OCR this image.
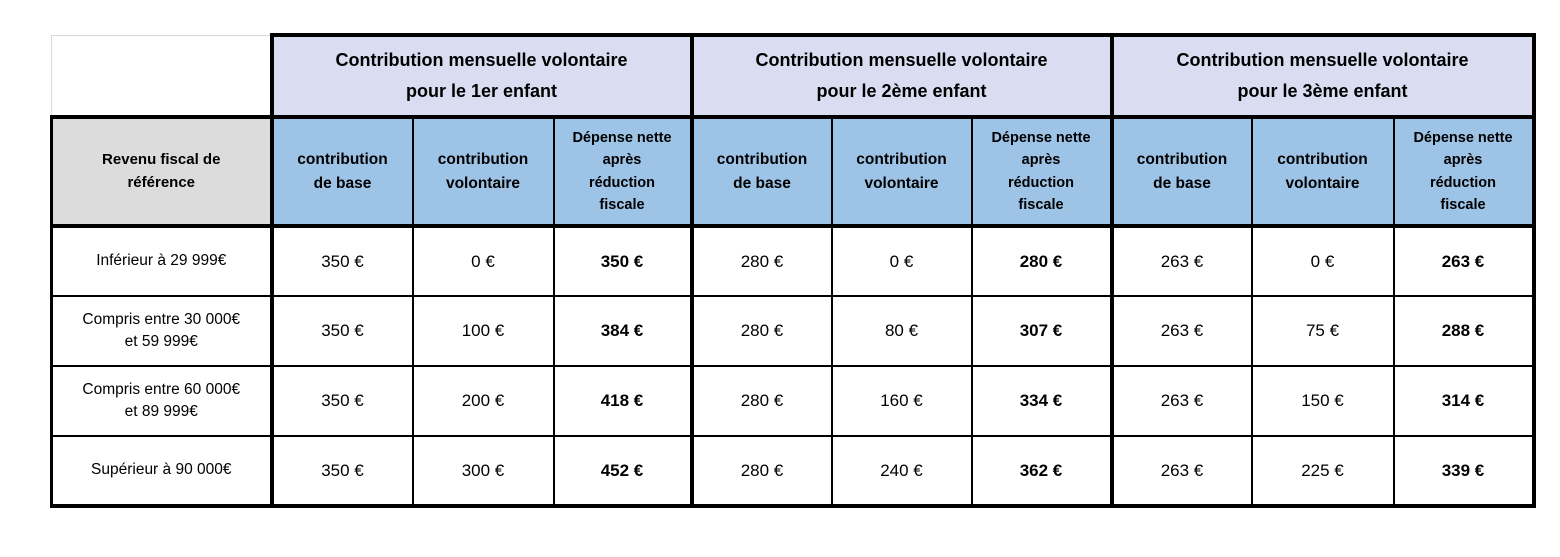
	Contribution mensuelle volontaire
pour le 1er enfant			Contribution mensuelle volontaire
pour le 2ème enfant			Contribution mensuelle volontaire
pour le 3ème enfant		

Revenu fiscal de
référence	contribution
de base	contribution
volontaire	Dépense nette
après
réduction
fiscale	contribution
de base	contribution
volontaire	Dépense nette
après
réduction
fiscale	contribution
de base	contribution
volontaire	Dépense nette
après
réduction
fiscale

Inférieur à 29 999€	350 €	0 €	350 €	280 €	0 €	280 €	263 €	0 €	263 €

Compris entre 30 000€
et 59 999€	350 €	100 €	384 €	280 €	80 €	307 €	263 €	75 €	288 €

Compris entre 60 000€
et 89 999€	350 €	200 €	418 €	280 €	160 €	334 €	263 €	150 €	314 €

Supérieur à 90 000€	350 €	300 €	452 €	280 €	240 €	362 €	263 €	225 €	339 €
